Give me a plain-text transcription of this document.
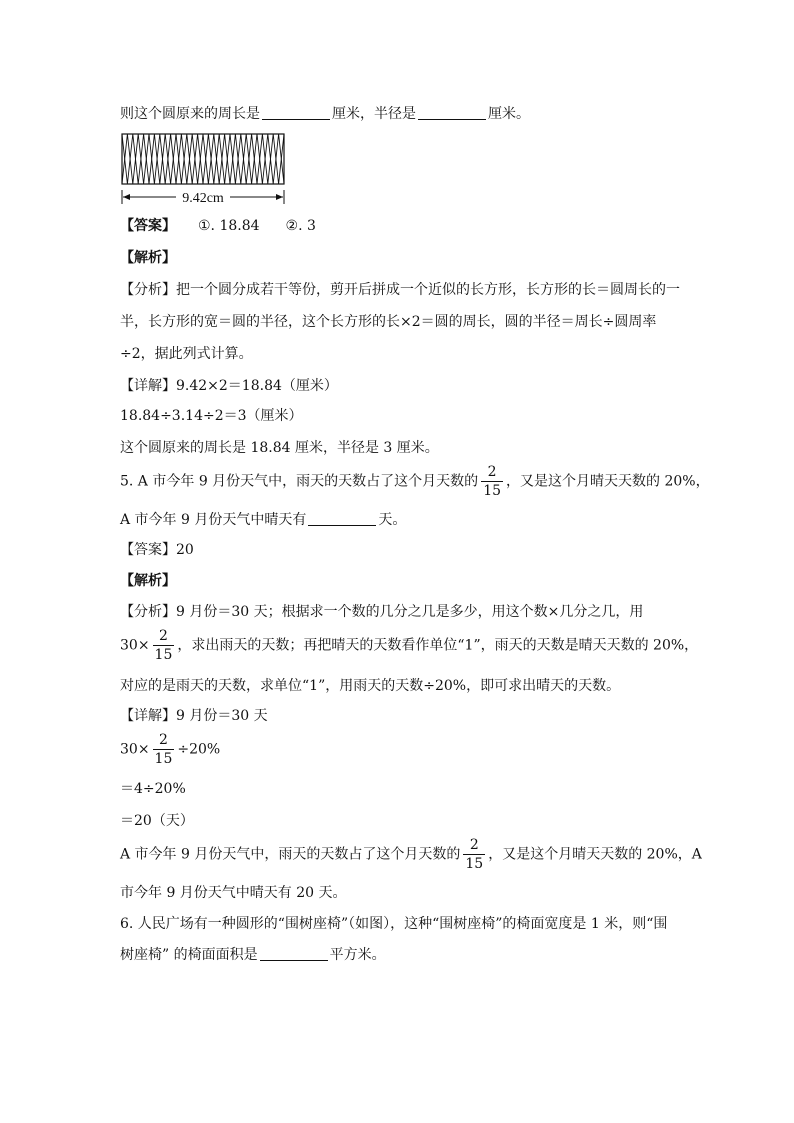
则这个圆原来的周长是	厘米，半径是	厘米。
9.42cm
【答案】 ①. 18.84 ②. 3
【解析】
【分析】把一个圆分成若干等份，剪开后拼成一个近似的长方形，长方形的长＝圆周长的一
半，长方形的宽＝圆的半径，这个长方形的长×2＝圆的周长，圆的半径＝周长÷圆周率
÷2，据此列式计算。
【详解】9.42×2＝18.84（厘米）
18.84÷3.14÷2＝3（厘米）
这个圆原来的周长是 18.84 厘米，半径是 3 厘米。
5. A 市今年 9 月份天气中，雨天的天数占了这个月天数的 $\frac{2}{15}$ ，又是这个月晴天天数的 20%，
A 市今年 9 月份天气中晴天有	天。
【答案】20
【解析】
【分析】9 月份＝30 天；根据求一个数的几分之几是多少，用这个数×几分之几，用
$30\times \frac{2}{15}$ ，求出雨天的天数；再把晴天的天数看作单位“1”，雨天的天数是晴天天数的 20%，
对应的是雨天的天数，求单位“1”，用雨天的天数÷20%，即可求出晴天的天数。
【详解】9 月份＝30 天
$30\times \frac{2}{15} \div 20\%$
＝4÷20%
＝20（天）
A 市今年 9 月份天气中，雨天的天数占了这个月天数的 $\frac{2}{15}$ ，又是这个月晴天天数的 20%，A
市今年 9 月份天气中晴天有 20 天。
6. 人民广场有一种圆形的“围树座椅”（如图），这种“围树座椅”的椅面宽度是 1 米，则“围
树座椅” 的椅面面积是	平方米。
